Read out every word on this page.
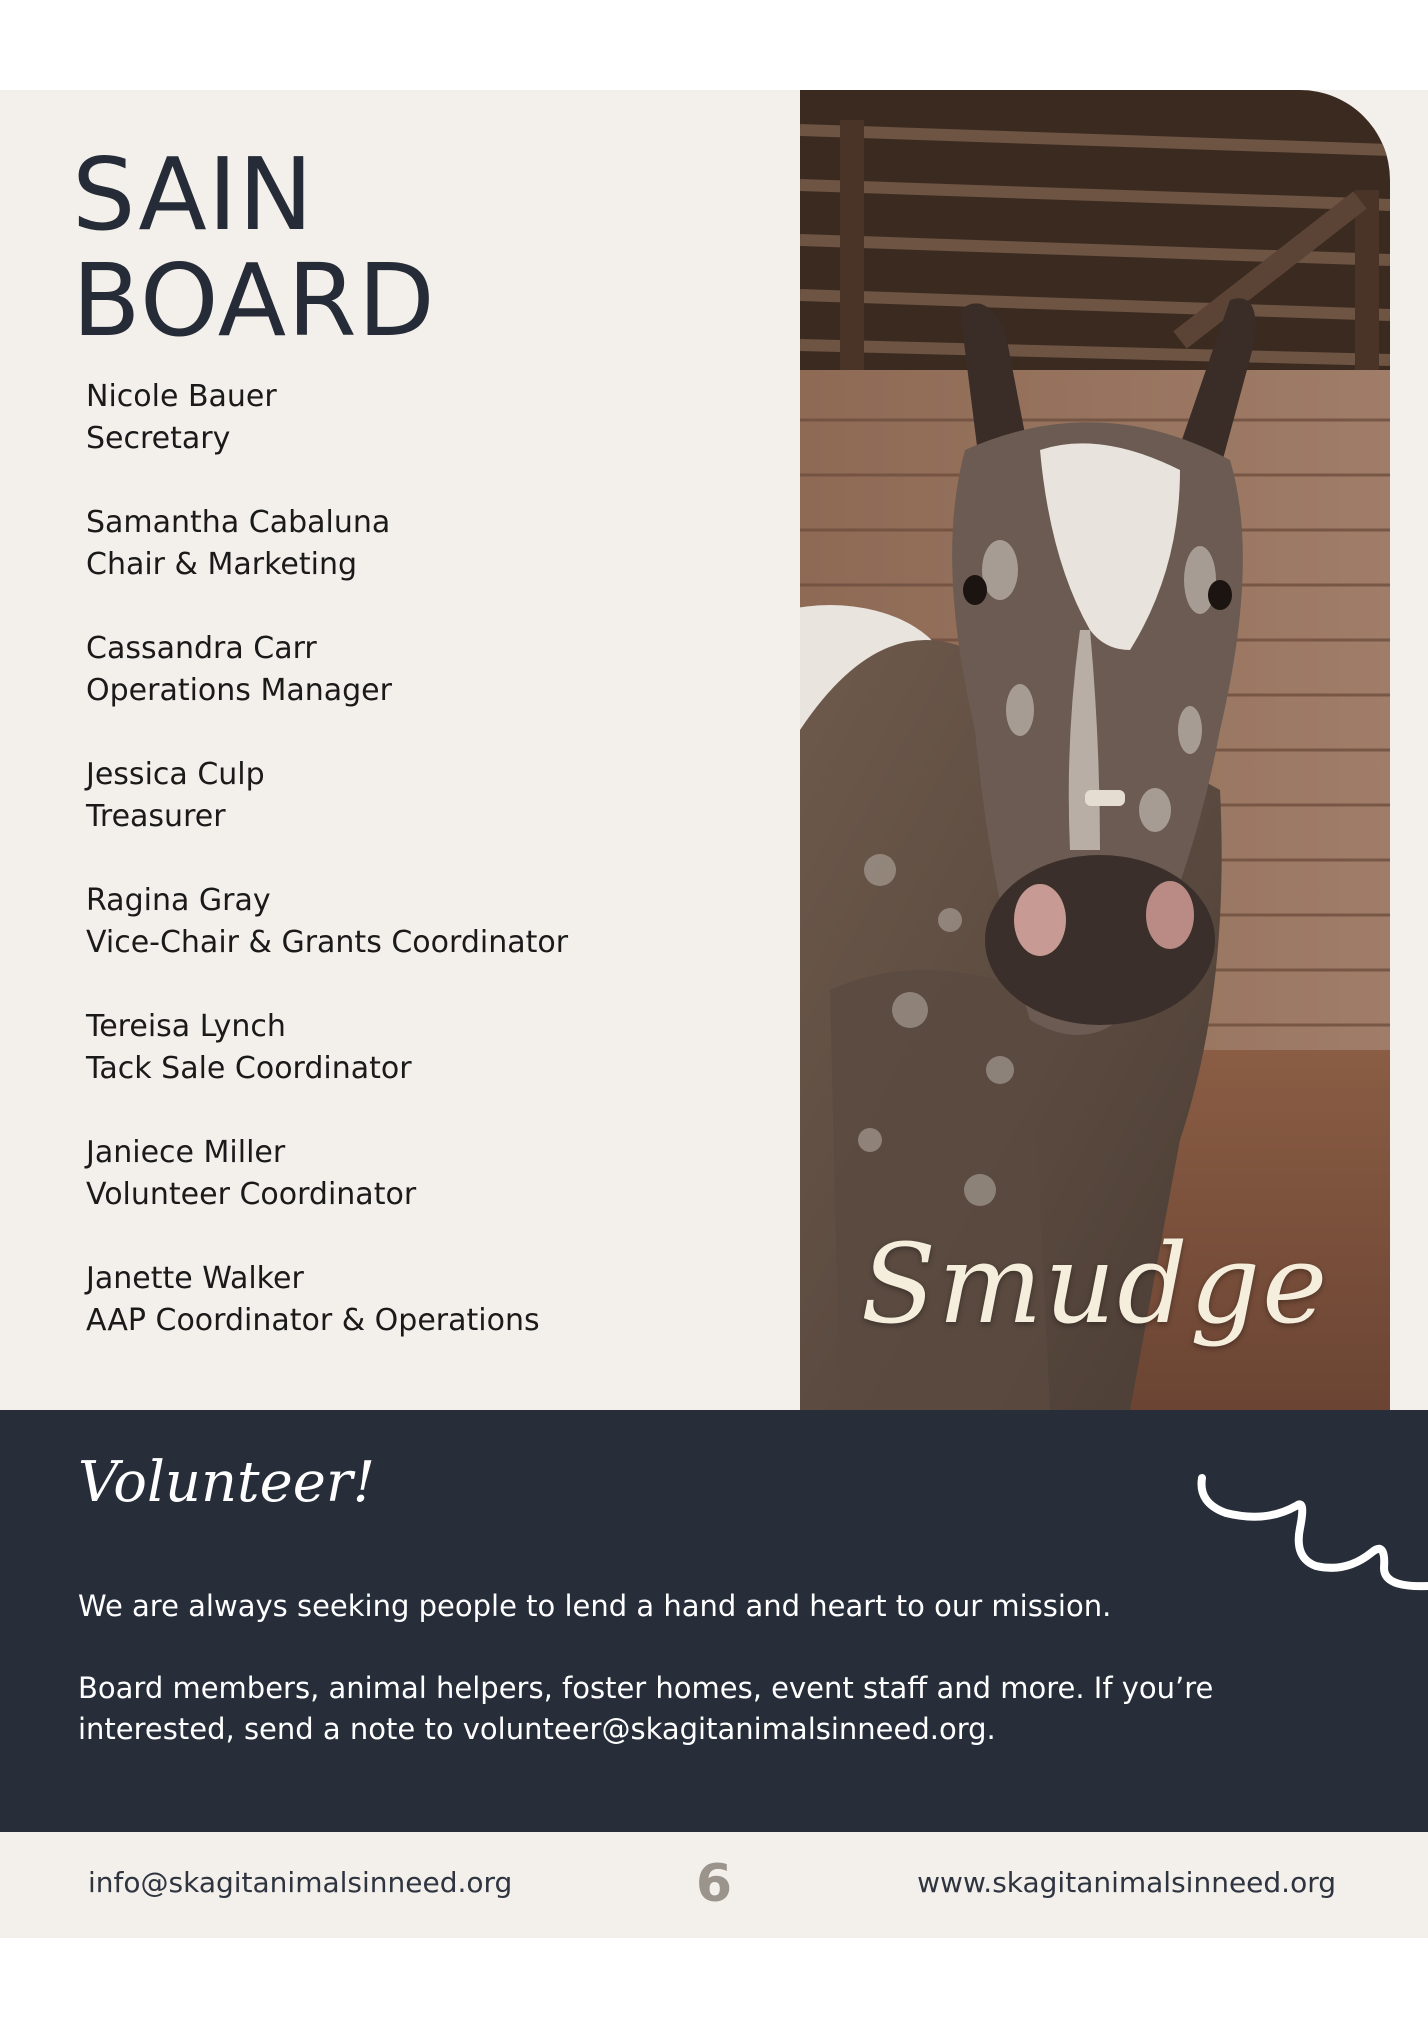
SAIN
BOARD
Nicole Bauer
Secretary
Samantha Cabaluna
Chair & Marketing
Cassandra Carr
Operations Manager
Jessica Culp
Treasurer
Ragina Gray
Vice-Chair & Grants Coordinator
Tereisa Lynch
Tack Sale Coordinator
Janiece Miller
Volunteer Coordinator
Janette Walker
AAP Coordinator & Operations	Smudge
Volunteer!

We are always seeking people to lend a hand and heart to our mission.

Board members, animal helpers, foster homes, event staff and more. If you’re interested, send a note to volunteer@skagitanimalsinneed.org.

info@skagitanimalsinneed.org	6	www.skagitanimalsinneed.org
